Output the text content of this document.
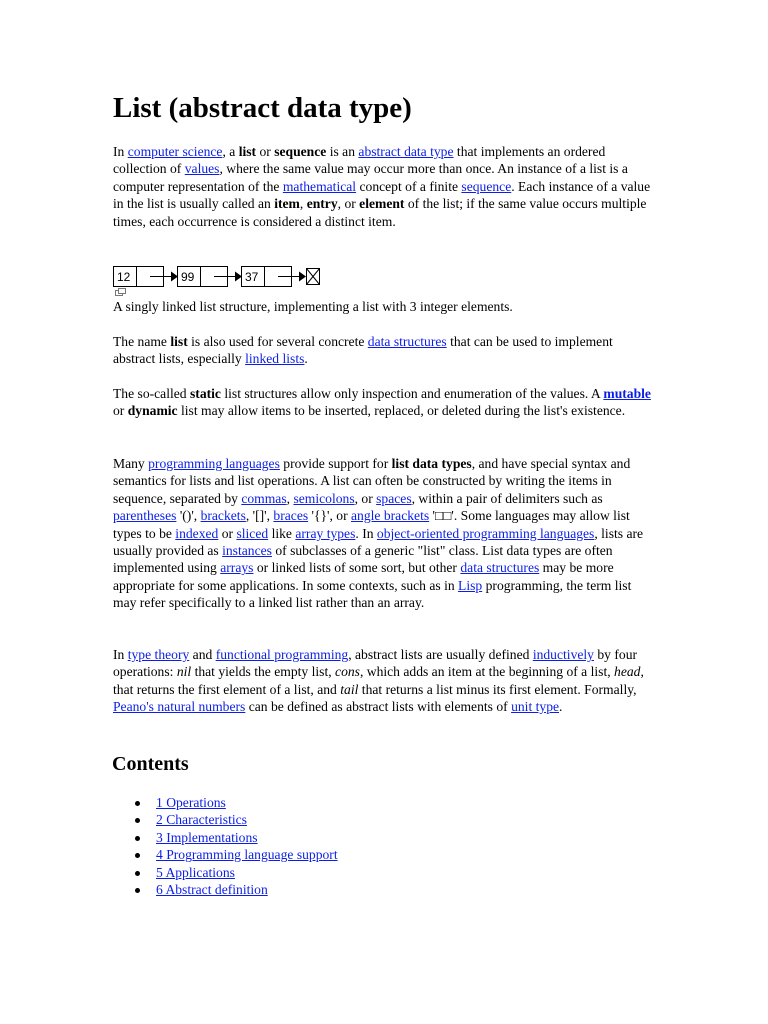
List (abstract data type)

In computer science, a list or sequence is an abstract data type that implements an ordered collection of values, where the same value may occur more than once. An instance of a list is a computer representation of the mathematical concept of a finite sequence. Each instance of a value in the list is usually called an item, entry, or element of the list; if the same value occurs multiple times, each occurrence is considered a distinct item.

12	99	37

A singly linked list structure, implementing a list with 3 integer elements.

The name list is also used for several concrete data structures that can be used to implement abstract lists, especially linked lists.

The so-called static list structures allow only inspection and enumeration of the values. A mutable or dynamic list may allow items to be inserted, replaced, or deleted during the list's existence.

Many programming languages provide support for list data types, and have special syntax and semantics for lists and list operations. A list can often be constructed by writing the items in sequence, separated by commas, semicolons, or spaces, within a pair of delimiters such as parentheses '()', brackets, '[]', braces '{}', or angle brackets '□□'. Some languages may allow list types to be indexed or sliced like array types. In object-oriented programming languages, lists are usually provided as instances of subclasses of a generic "list" class. List data types are often implemented using arrays or linked lists of some sort, but other data structures may be more appropriate for some applications. In some contexts, such as in Lisp programming, the term list may refer specifically to a linked list rather than an array.

In type theory and functional programming, abstract lists are usually defined inductively by four operations: nil that yields the empty list, cons, which adds an item at the beginning of a list, head, that returns the first element of a list, and tail that returns a list minus its first element. Formally, Peano's natural numbers can be defined as abstract lists with elements of unit type.

Contents
1 Operations
2 Characteristics
3 Implementations
4 Programming language support
5 Applications
6 Abstract definition
